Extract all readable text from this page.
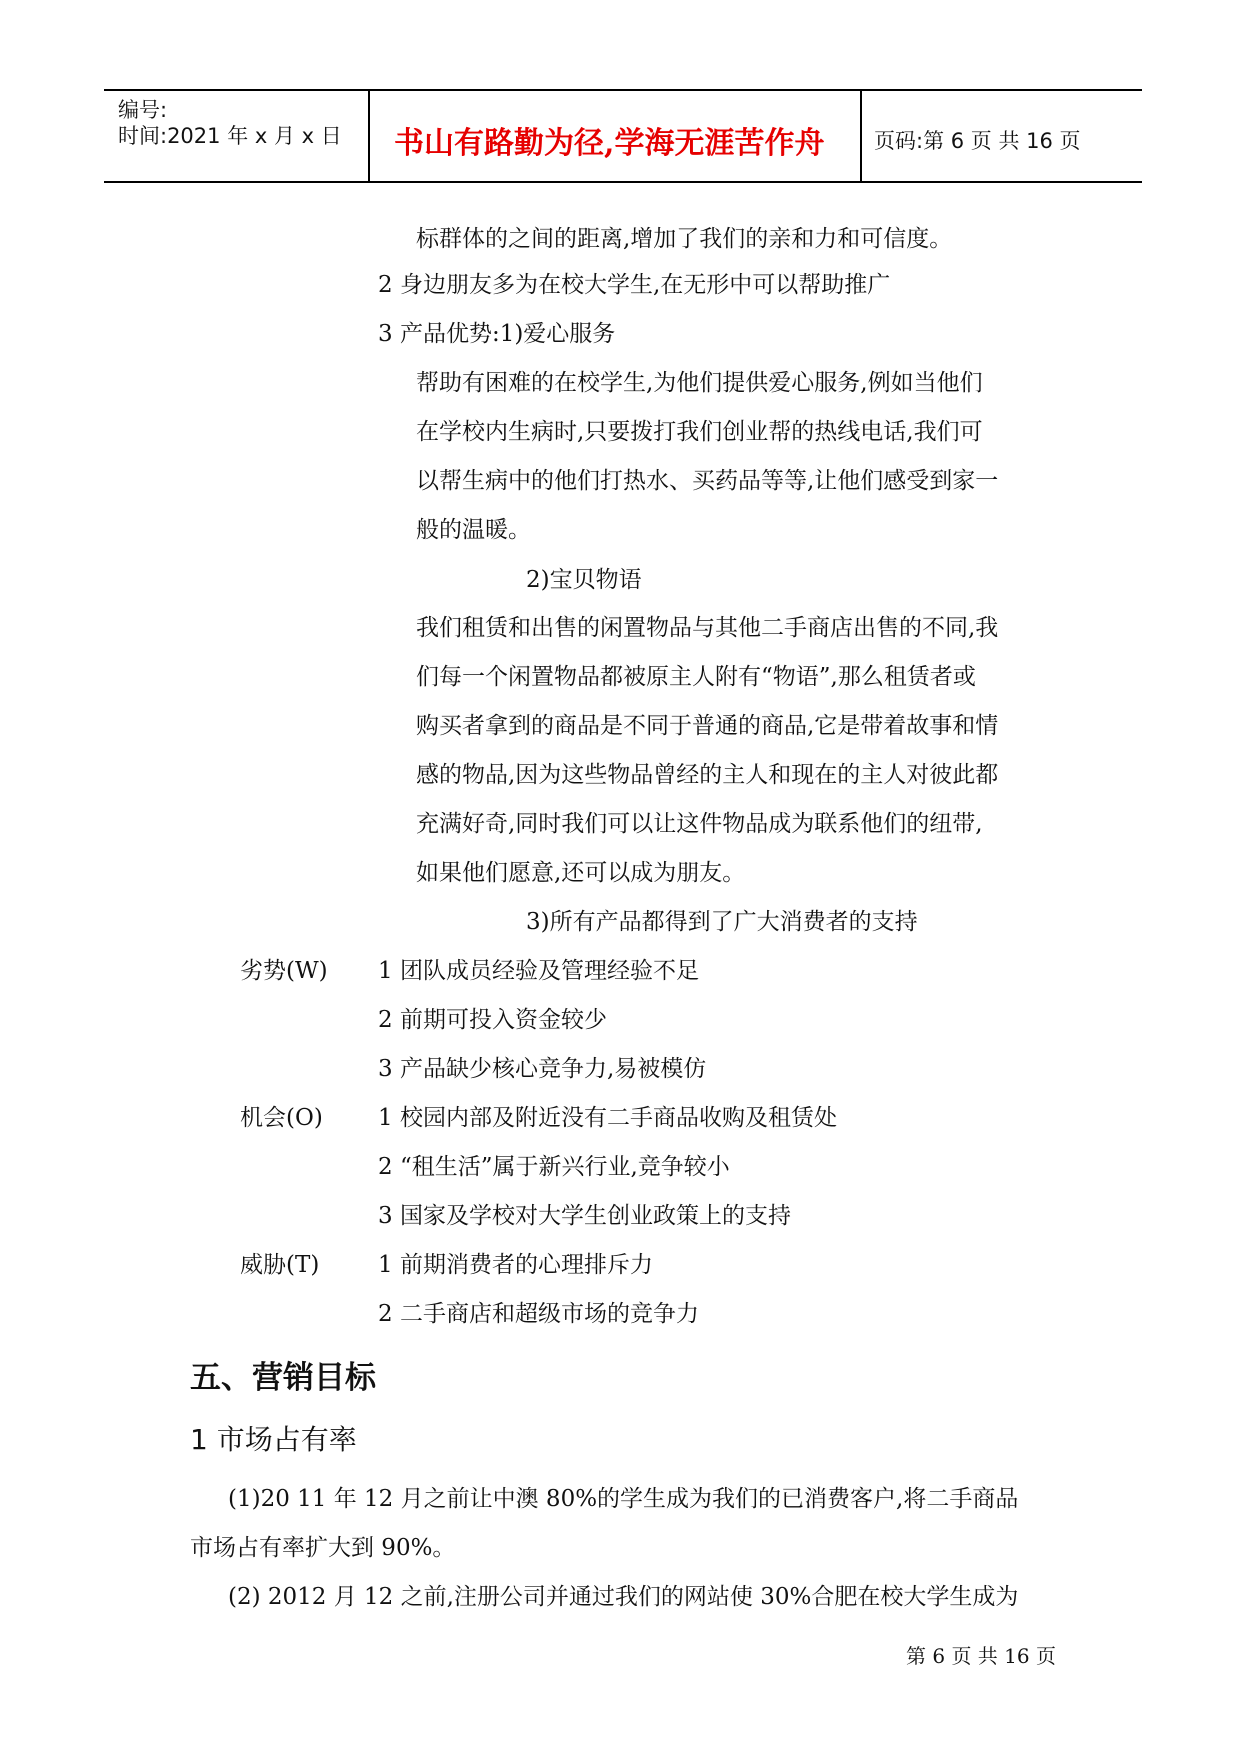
编号:
时间:2021 年 x 月 x 日 书山有路勤为径,学海无涯苦作舟 页码:第 6 页 共 16 页
标群体的之间的距离,增加了我们的亲和力和可信度。
2 身边朋友多为在校大学生,在无形中可以帮助推广
3 产品优势:1)爱心服务
帮助有困难的在校学生,为他们提供爱心服务,例如当他们
在学校内生病时,只要拨打我们创业帮的热线电话,我们可
以帮生病中的他们打热水、买药品等等,让他们感受到家一
般的温暖。
2)宝贝物语
我们租赁和出售的闲置物品与其他二手商店出售的不同,我
们每一个闲置物品都被原主人附有“物语”,那么租赁者或
购买者拿到的商品是不同于普通的商品,它是带着故事和情
感的物品,因为这些物品曾经的主人和现在的主人对彼此都
充满好奇,同时我们可以让这件物品成为联系他们的纽带,
如果他们愿意,还可以成为朋友。
3)所有产品都得到了广大消费者的支持
劣势(W) 1 团队成员经验及管理经验不足
2 前期可投入资金较少
3 产品缺少核心竞争力,易被模仿
机会(O) 1 校园内部及附近没有二手商品收购及租赁处
2 “租生活”属于新兴行业,竞争较小
3 国家及学校对大学生创业政策上的支持
威胁(T)	1 前期消费者的心理排斥力
2 二手商店和超级市场的竞争力
五、营销目标
1 市场占有率
(1)20 11 年 12 月之前让中澳 80%的学生成为我们的已消费客户,将二手商品
市场占有率扩大到 90%。
(2) 2012 月 12 之前,注册公司并通过我们的网站使 30%合肥在校大学生成为
第 6 页 共 16 页
